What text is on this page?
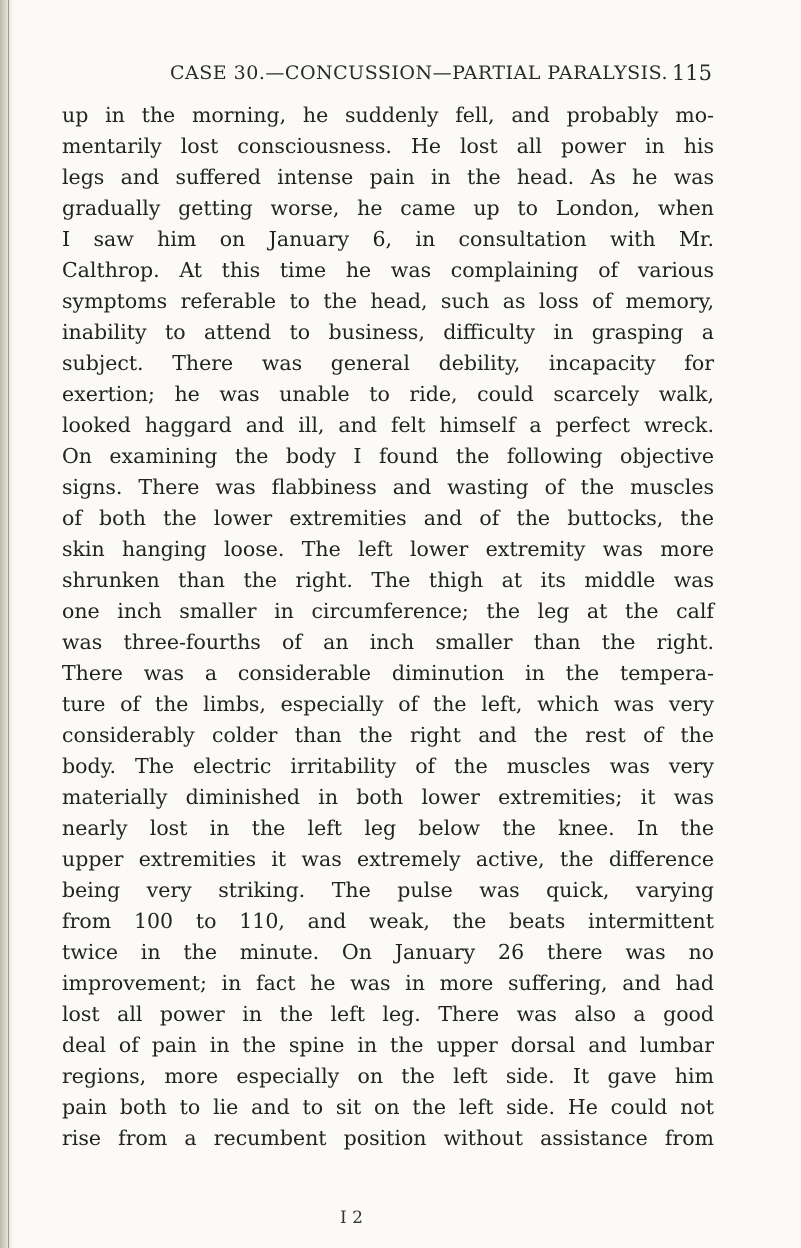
CASE 30.—CONCUSSION—PARTIAL PARALYSIS. 115
up in the morning, he suddenly fell, and probably mo-
mentarily lost consciousness. He lost all power in his
legs and suffered intense pain in the head. As he was
gradually getting worse, he came up to London, when
I saw him on January 6, in consultation with Mr.
Calthrop. At this time he was complaining of various
symptoms referable to the head, such as loss of memory,
inability to attend to business, difficulty in grasping a
subject. There was general debility, incapacity for
exertion; he was unable to ride, could scarcely walk,
looked haggard and ill, and felt himself a perfect wreck.
On examining the body I found the following objective
signs. There was flabbiness and wasting of the muscles
of both the lower extremities and of the buttocks, the
skin hanging loose. The left lower extremity was more
shrunken than the right. The thigh at its middle was
one inch smaller in circumference; the leg at the calf
was three-fourths of an inch smaller than the right.
There was a considerable diminution in the tempera-
ture of the limbs, especially of the left, which was very
considerably colder than the right and the rest of the
body. The electric irritability of the muscles was very
materially diminished in both lower extremities; it was
nearly lost in the left leg below the knee. In the
upper extremities it was extremely active, the difference
being very striking. The pulse was quick, varying
from 100 to 110, and weak, the beats intermittent
twice in the minute. On January 26 there was no
improvement; in fact he was in more suffering, and had
lost all power in the left leg. There was also a good
deal of pain in the spine in the upper dorsal and lumbar
regions, more especially on the left side. It gave him
pain both to lie and to sit on the left side. He could not
rise from a recumbent position without assistance from
I 2
